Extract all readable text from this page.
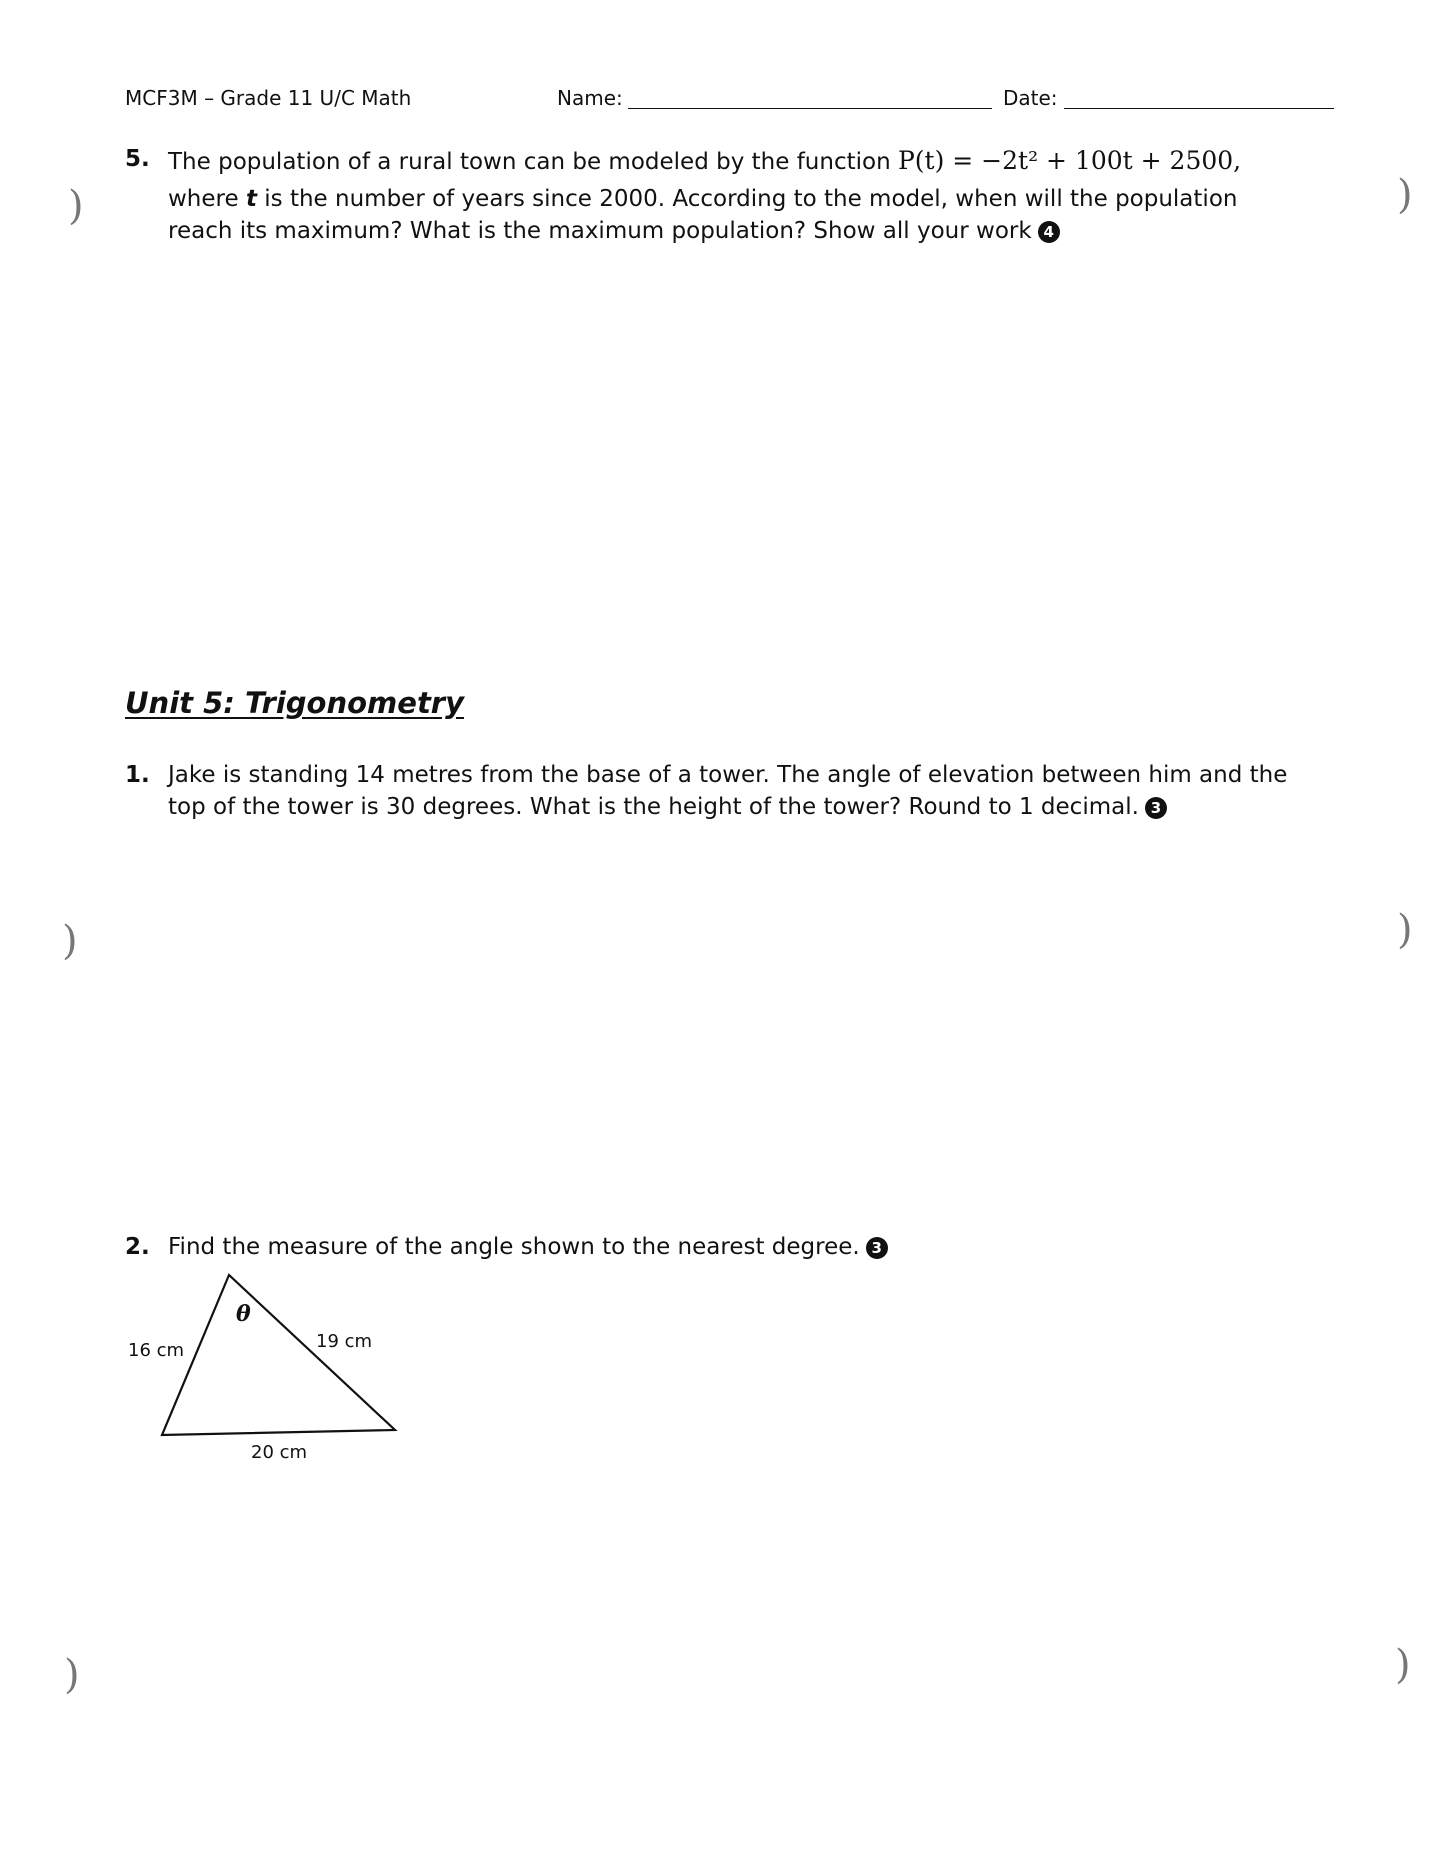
MCF3M – Grade 11 U/C Math	Name:	Date:
5. The population of a rural town can be modeled by the function P(t) = −2t² + 100t + 2500,
where t is the number of years since 2000. According to the model, when will the population
reach its maximum? What is the maximum population? Show all your work 4
Unit 5: Trigonometry
1. Jake is standing 14 metres from the base of a tower. The angle of elevation between him and the
top of the tower is 30 degrees. What is the height of the tower? Round to 1 decimal. 3
2. Find the measure of the angle shown to the nearest degree. 3
θ
16 cm	19 cm
20 cm
)
)
)
)
)
)
